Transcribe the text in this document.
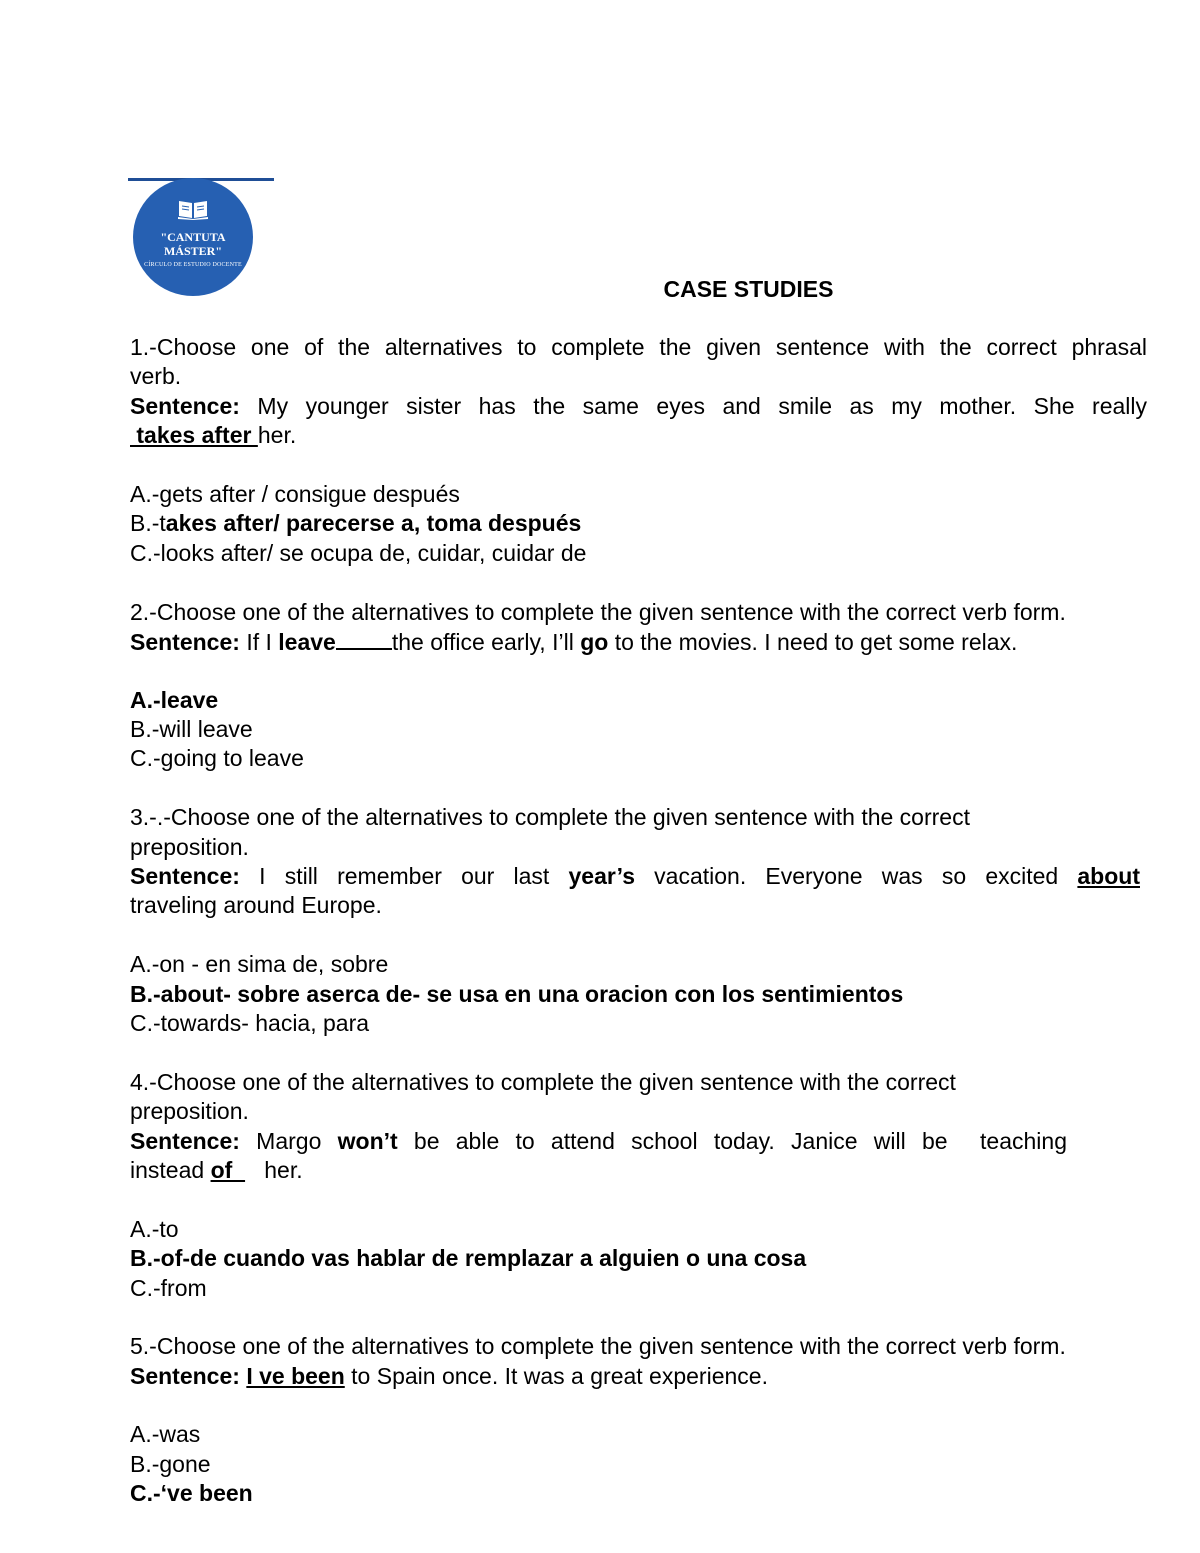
"CANTUTA
MÁSTER"
CÍRCULO DE ESTUDIO DOCENTE
CASE STUDIES
1.-Choose one of the alternatives to complete the given sentence with the correct phrasal
verb.
Sentence: My younger sister has the same eyes and smile as my mother. She really
takes after her.
A.-gets after / consigue después
B.-takes after/ parecerse a, toma después
C.-looks after/ se ocupa de, cuidar, cuidar de
2.-Choose one of the alternatives to complete the given sentence with the correct verb form.
Sentence: If I leave the office early, I’ll go to the movies. I need to get some relax.
A.-leave
B.-will leave
C.-going to leave
3.-.-Choose one of the alternatives to complete the given sentence with the correct
preposition.
Sentence: I still remember our last year’s vacation. Everyone was so excited about
traveling around Europe.
A.-on - en sima de, sobre
B.-about- sobre aserca de- se usa en una oracion con los sentimientos
C.-towards- hacia, para
4.-Choose one of the alternatives to complete the given sentence with the correct
preposition.
Sentence: Margo won’t be able to attend school today. Janice will be  teaching
instead of     her.
A.-to
B.-of-de cuando vas hablar de remplazar a alguien o una cosa
C.-from
5.-Choose one of the alternatives to complete the given sentence with the correct verb form.
Sentence: I ve been to Spain once. It was a great experience.
A.-was
B.-gone
C.-‘ve been
